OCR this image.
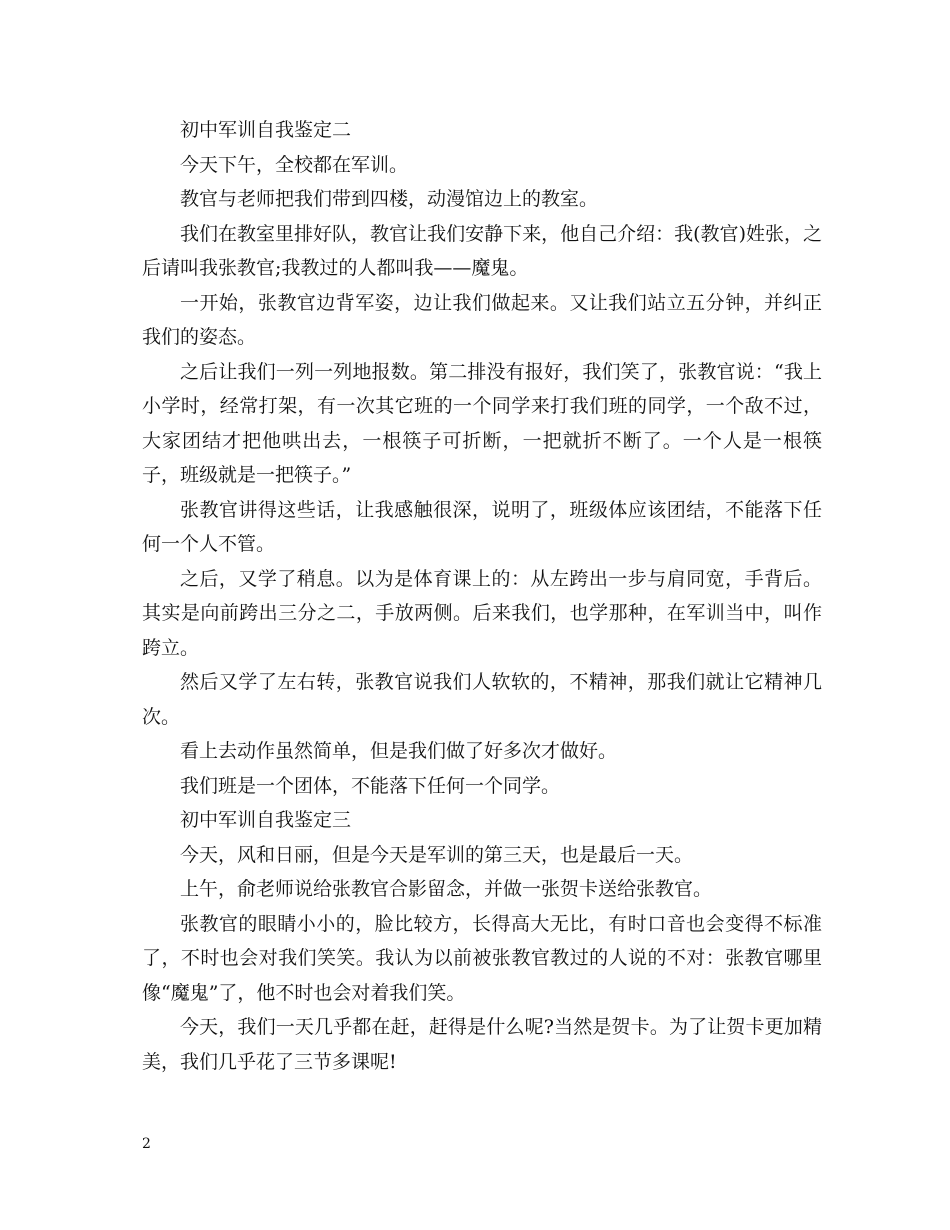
初中军训自我鉴定二

今天下午，全校都在军训。

教官与老师把我们带到四楼，动漫馆边上的教室。

我们在教室里排好队，教官让我们安静下来，他自己介绍：我(教官)姓张，之后请叫我张教官;我教过的人都叫我——魔鬼。

一开始，张教官边背军姿，边让我们做起来。又让我们站立五分钟，并纠正我们的姿态。

之后让我们一列一列地报数。第二排没有报好，我们笑了，张教官说：“我上小学时，经常打架，有一次其它班的一个同学来打我们班的同学，一个敌不过，大家团结才把他哄出去，一根筷子可折断，一把就折不断了。一个人是一根筷子，班级就是一把筷子。”

张教官讲得这些话，让我感触很深，说明了，班级体应该团结，不能落下任何一个人不管。

之后，又学了稍息。以为是体育课上的：从左跨出一步与肩同宽，手背后。其实是向前跨出三分之二，手放两侧。后来我们，也学那种，在军训当中，叫作跨立。

然后又学了左右转，张教官说我们人软软的，不精神，那我们就让它精神几次。

看上去动作虽然简单，但是我们做了好多次才做好。

我们班是一个团体，不能落下任何一个同学。

初中军训自我鉴定三

今天，风和日丽，但是今天是军训的第三天，也是最后一天。

上午，俞老师说给张教官合影留念，并做一张贺卡送给张教官。

张教官的眼睛小小的，脸比较方，长得高大无比，有时口音也会变得不标准了，不时也会对我们笑笑。我认为以前被张教官教过的人说的不对：张教官哪里像“魔鬼”了，他不时也会对着我们笑。

今天，我们一天几乎都在赶，赶得是什么呢?当然是贺卡。为了让贺卡更加精美，我们几乎花了三节多课呢!

2
